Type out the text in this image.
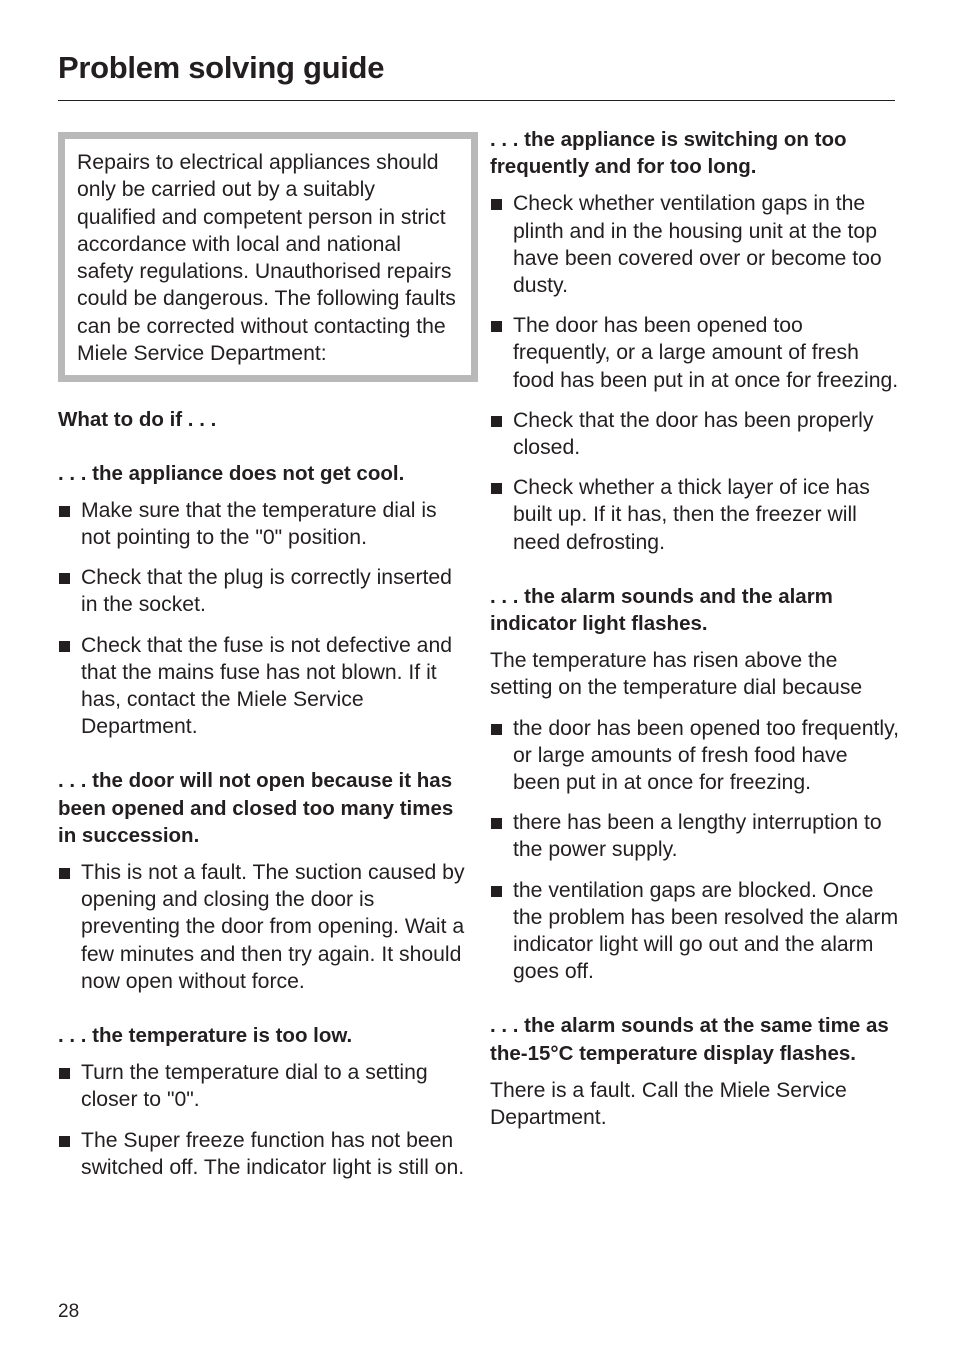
Problem solving guide
Repairs to electrical appliances should only be carried out by a suitably qualified and competent person in strict accordance with local and national safety regulations. Unauthorised repairs could be dangerous. The following faults can be corrected without contacting the Miele Service Department:
What to do if . . .
. . . the appliance does not get cool.
Make sure that the temperature dial is not pointing to the "0" position.
Check that the plug is correctly inserted in the socket.
Check that the fuse is not defective and that the mains fuse has not blown. If it has, contact the Miele Service Department.
. . . the door will not open because it has been opened and closed too many times in succession.
This is not a fault. The suction caused by opening and closing the door is preventing the door from opening. Wait a few minutes and then try again. It should now open without force.
. . . the temperature is too low.
Turn the temperature dial to a setting closer to "0".
The Super freeze function has not been switched off. The indicator light is still on.
. . . the appliance is switching on too frequently and for too long.
Check whether ventilation gaps in the plinth and in the housing unit at the top have been covered over or become too dusty.
The door has been opened too frequently, or a large amount of fresh food has been put in at once for freezing.
Check that the door has been properly closed.
Check whether a thick layer of ice has built up. If it has, then the freezer will need defrosting.
. . . the alarm sounds and the alarm indicator light flashes.
The temperature has risen above the setting on the temperature dial because
the door has been opened too frequently, or large amounts of fresh food have been put in at once for freezing.
there has been a lengthy interruption to the power supply.
the ventilation gaps are blocked. Once the problem has been resolved the alarm indicator light will go out and the alarm goes off.
. . . the alarm sounds at the same time as the-15°C temperature display flashes.
There is a fault. Call the Miele Service Department.
28
